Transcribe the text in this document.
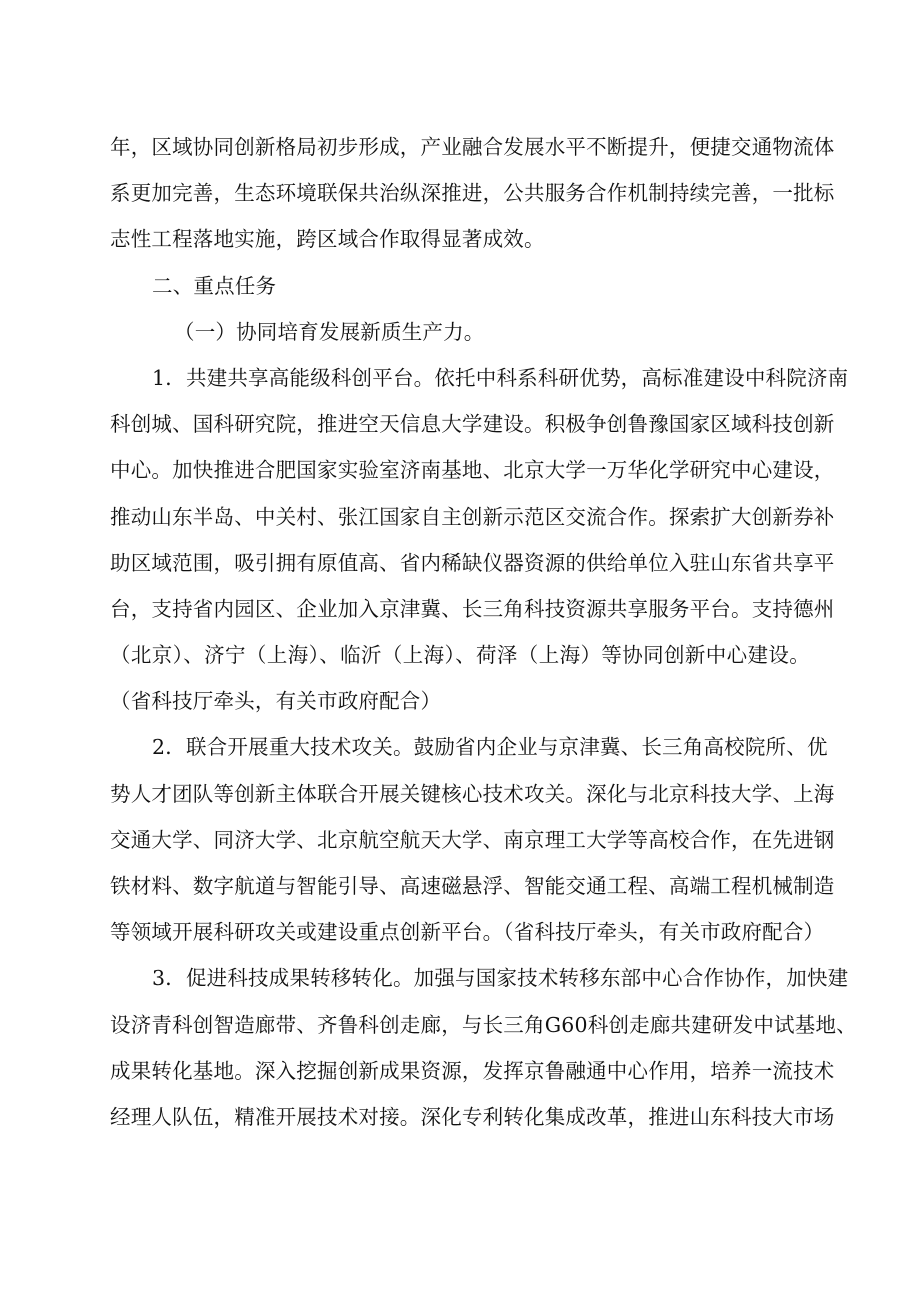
年，区域协同创新格局初步形成，产业融合发展水平不断提升，便捷交通物流体
系更加完善，生态环境联保共治纵深推进，公共服务合作机制持续完善，一批标
志性工程落地实施，跨区域合作取得显著成效。
二、重点任务
（一）协同培育发展新质生产力。
1．共建共享高能级科创平台。依托中科系科研优势，高标准建设中科院济南
科创城、国科研究院，推进空天信息大学建设。积极争创鲁豫国家区域科技创新
中心。加快推进合肥国家实验室济南基地、北京大学一万华化学研究中心建设，
推动山东半岛、中关村、张江国家自主创新示范区交流合作。探索扩大创新券补
助区域范围，吸引拥有原值高、省内稀缺仪器资源的供给单位入驻山东省共享平
台，支持省内园区、企业加入京津冀、长三角科技资源共享服务平台。支持德州
（北京）、济宁（上海）、临沂（上海）、荷泽（上海）等协同创新中心建设。
（省科技厅牵头，有关市政府配合）
2．联合开展重大技术攻关。鼓励省内企业与京津冀、长三角高校院所、优
势人才团队等创新主体联合开展关键核心技术攻关。深化与北京科技大学、上海
交通大学、同济大学、北京航空航天大学、南京理工大学等高校合作，在先进钢
铁材料、数字航道与智能引导、高速磁悬浮、智能交通工程、高端工程机械制造
等领域开展科研攻关或建设重点创新平台。（省科技厅牵头，有关市政府配合）
3．促进科技成果转移转化。加强与国家技术转移东部中心合作协作，加快建
设济青科创智造廊带、齐鲁科创走廊，与长三角G60科创走廊共建研发中试基地、
成果转化基地。深入挖掘创新成果资源，发挥京鲁融通中心作用，培养一流技术
经理人队伍，精准开展技术对接。深化专利转化集成改革，推进山东科技大市场
